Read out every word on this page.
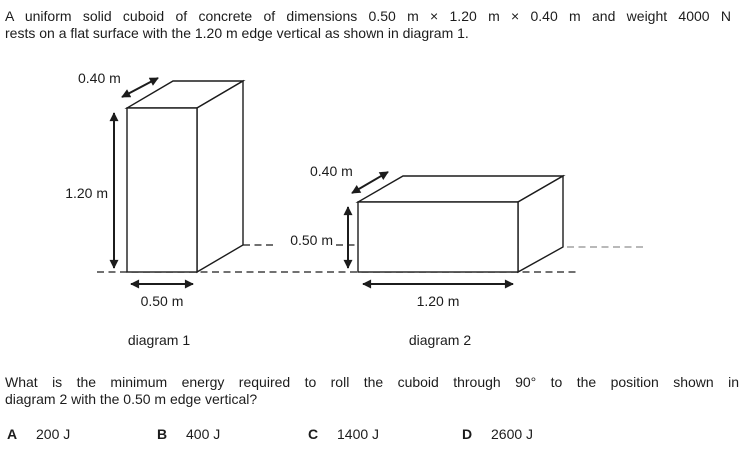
A uniform solid cuboid of concrete of dimensions 0.50 m × 1.20 m × 0.40 m and weight 4000 N
rests on a flat surface with the 1.20 m edge vertical as shown in diagram 1.
0.40 m
1.20 m
0.50 m
diagram 1
0.40 m
0.50 m
1.20 m
diagram 2
What is the minimum energy required to roll the cuboid through 90° to the position shown in
diagram 2 with the 0.50 m edge vertical?
A 200 J	B 400 J	C 1400 J	D 2600 J
